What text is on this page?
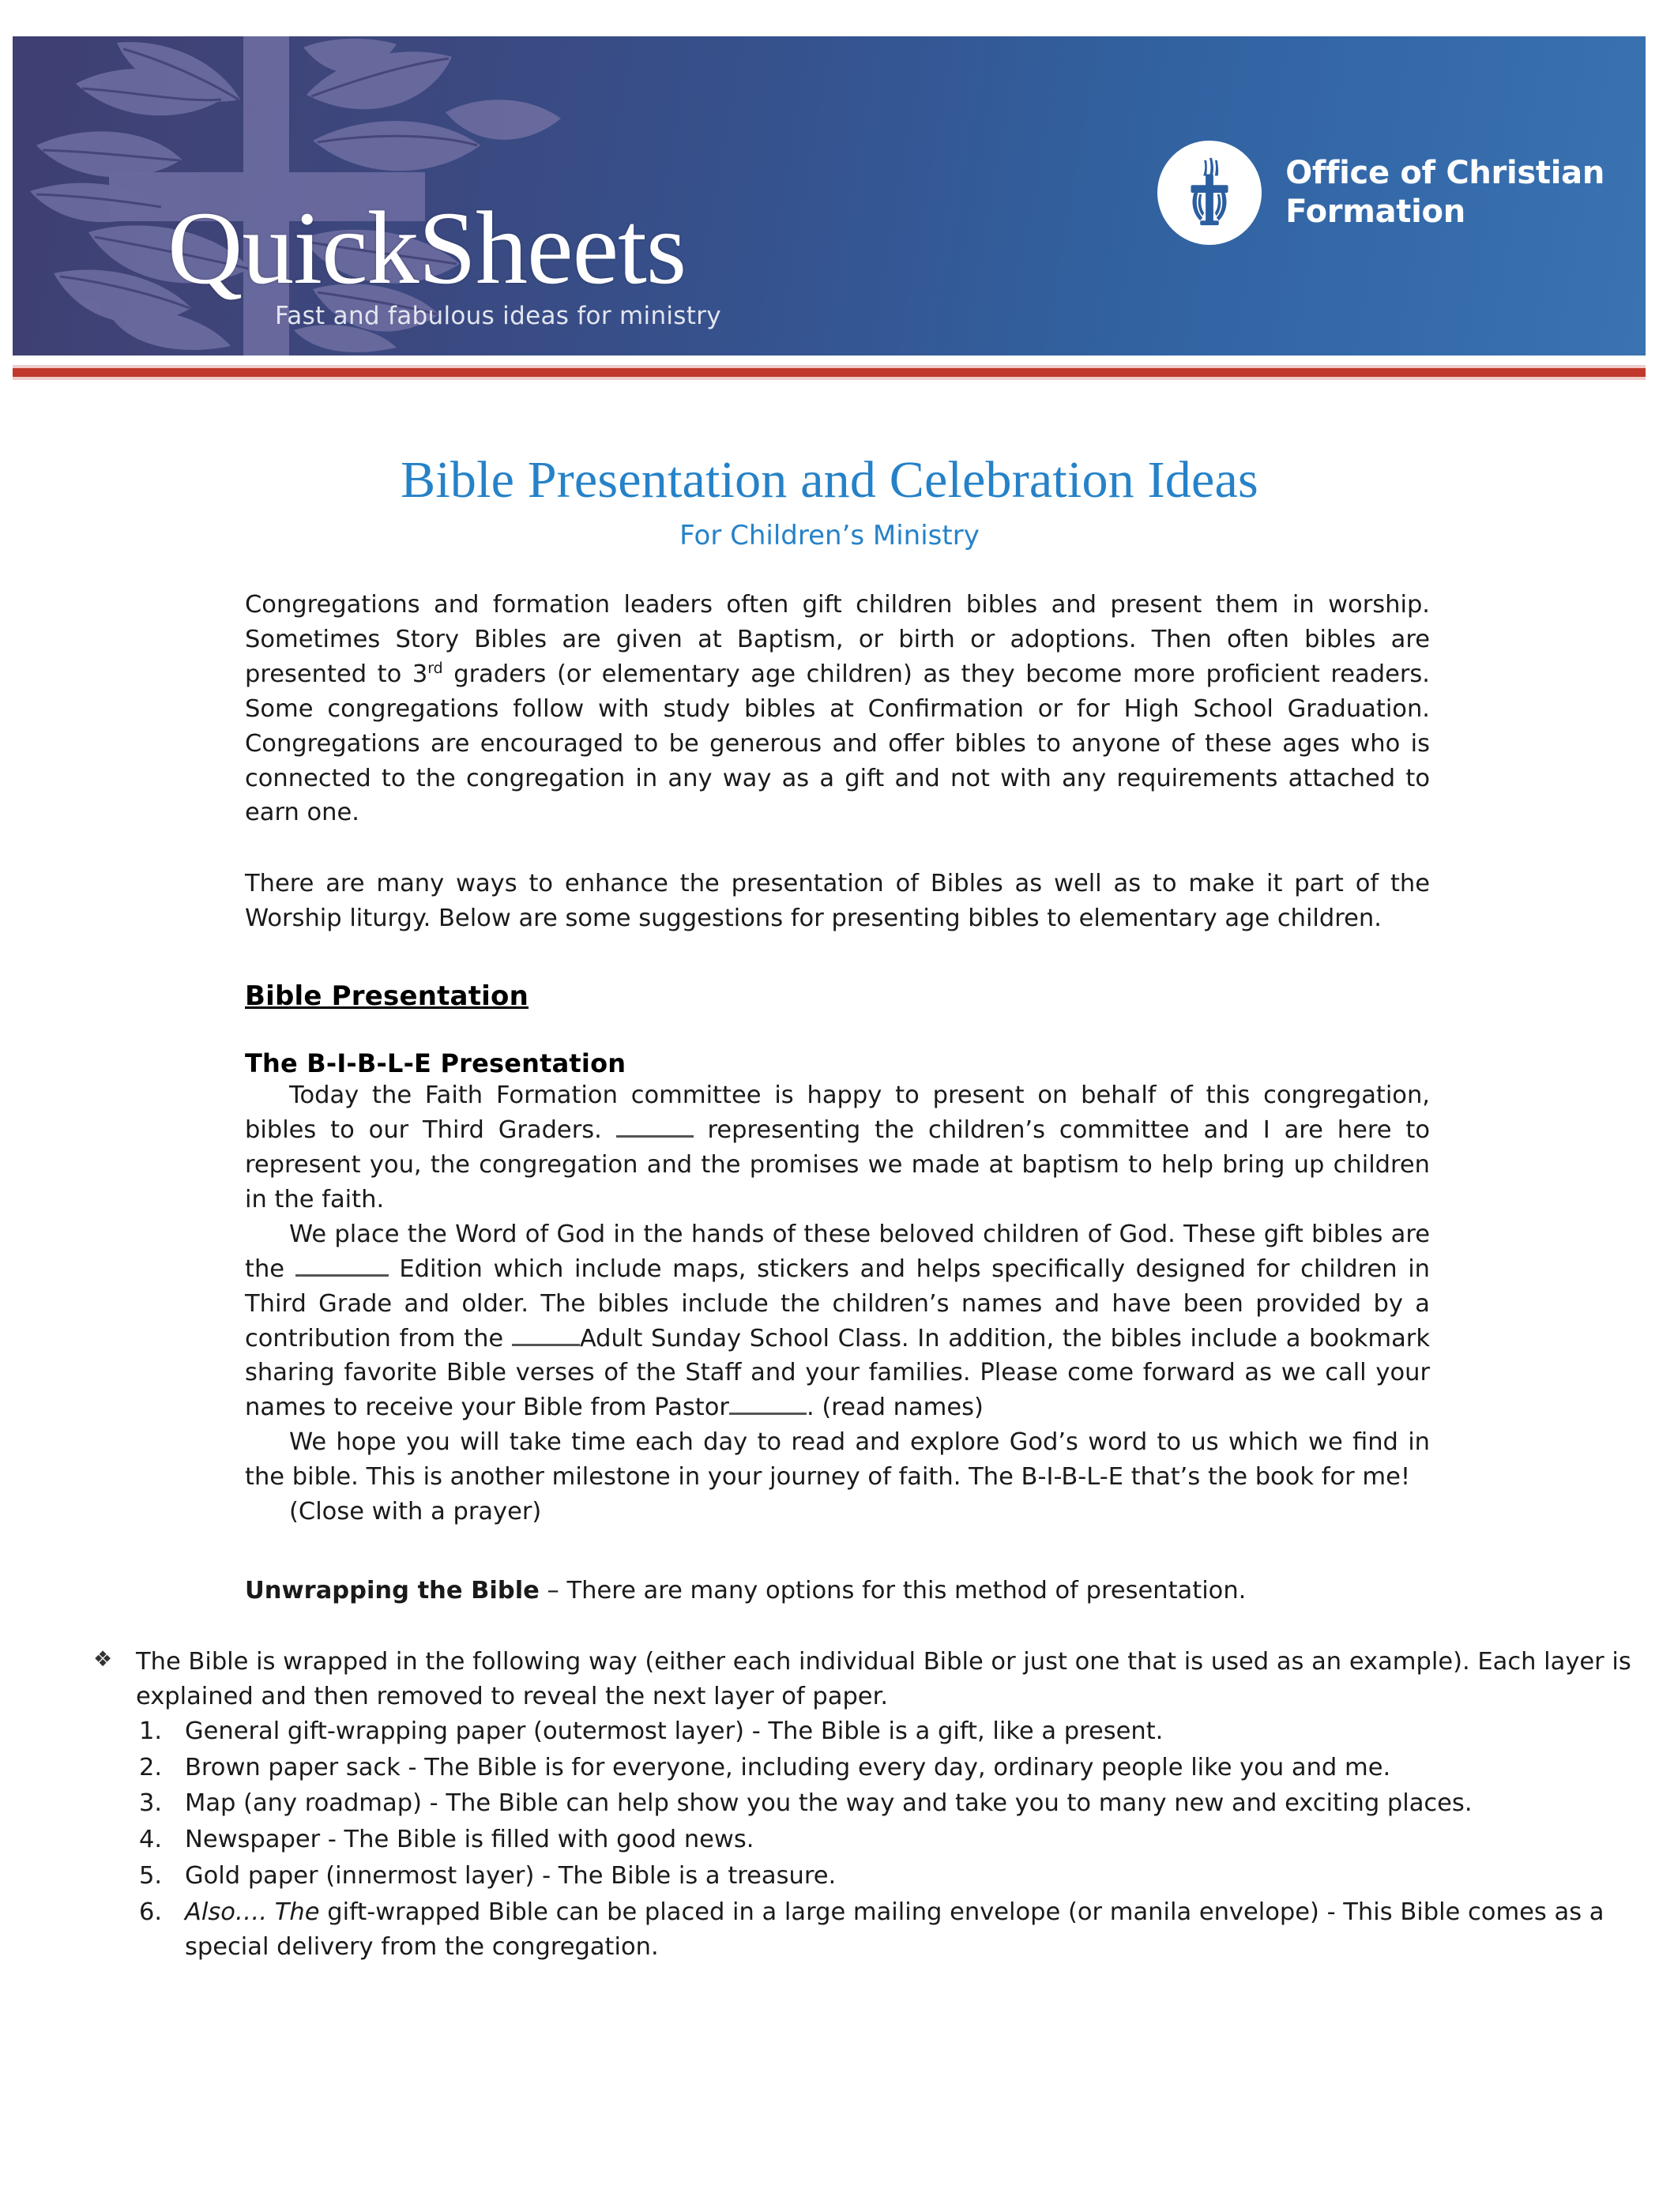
QuickSheets
Fast and fabulous ideas for ministry
Office of Christian
Formation
Bible Presentation and Celebration Ideas
For Children’s Ministry

Congregations and formation leaders often gift children bibles and present them in worship. Sometimes Story Bibles are given at Baptism, or birth or adoptions. Then often bibles are presented to 3rd graders (or elementary age children) as they become more proficient readers. Some congregations follow with study bibles at Confirmation or for High School Graduation. Congregations are encouraged to be generous and offer bibles to anyone of these ages who is connected to the congregation in any way as a gift and not with any requirements attached to earn one.

There are many ways to enhance the presentation of Bibles as well as to make it part of the Worship liturgy. Below are some suggestions for presenting bibles to elementary age children.

Bible Presentation
The B-I-B-L-E Presentation

Today the Faith Formation committee is happy to present on behalf of this congregation, bibles to our Third Graders.	representing the children’s committee and I are here to represent you, the congregation and the promises we made at baptism to help bring up children in the faith.

We place the Word of God in the hands of these beloved children of God. These gift bibles are the	Edition which include maps, stickers and helps specifically designed for children in Third Grade and older. The bibles include the children’s names and have been provided by a contribution from the	Adult Sunday School Class. In addition, the bibles include a bookmark sharing favorite Bible verses of the Staff and your families. Please come forward as we call your names to receive your Bible from Pastor	. (read names)

We hope you will take time each day to read and explore God’s word to us which we find in the bible. This is another milestone in your journey of faith. The B-I-B-L-E that’s the book for me!

(Close with a prayer)

Unwrapping the Bible – There are many options for this method of presentation.

❖ The Bible is wrapped in the following way (either each individual Bible or just one that is used as an example). Each layer is explained and then removed to reveal the next layer of paper.
General gift-wrapping paper (outermost layer) - The Bible is a gift, like a present.
Brown paper sack - The Bible is for everyone, including every day, ordinary people like you and me.
Map (any roadmap) - The Bible can help show you the way and take you to many new and exciting places.
Newspaper - The Bible is filled with good news.
Gold paper (innermost layer) - The Bible is a treasure.
Also…. The gift-wrapped Bible can be placed in a large mailing envelope (or manila envelope) - This Bible comes as a special delivery from the congregation.
